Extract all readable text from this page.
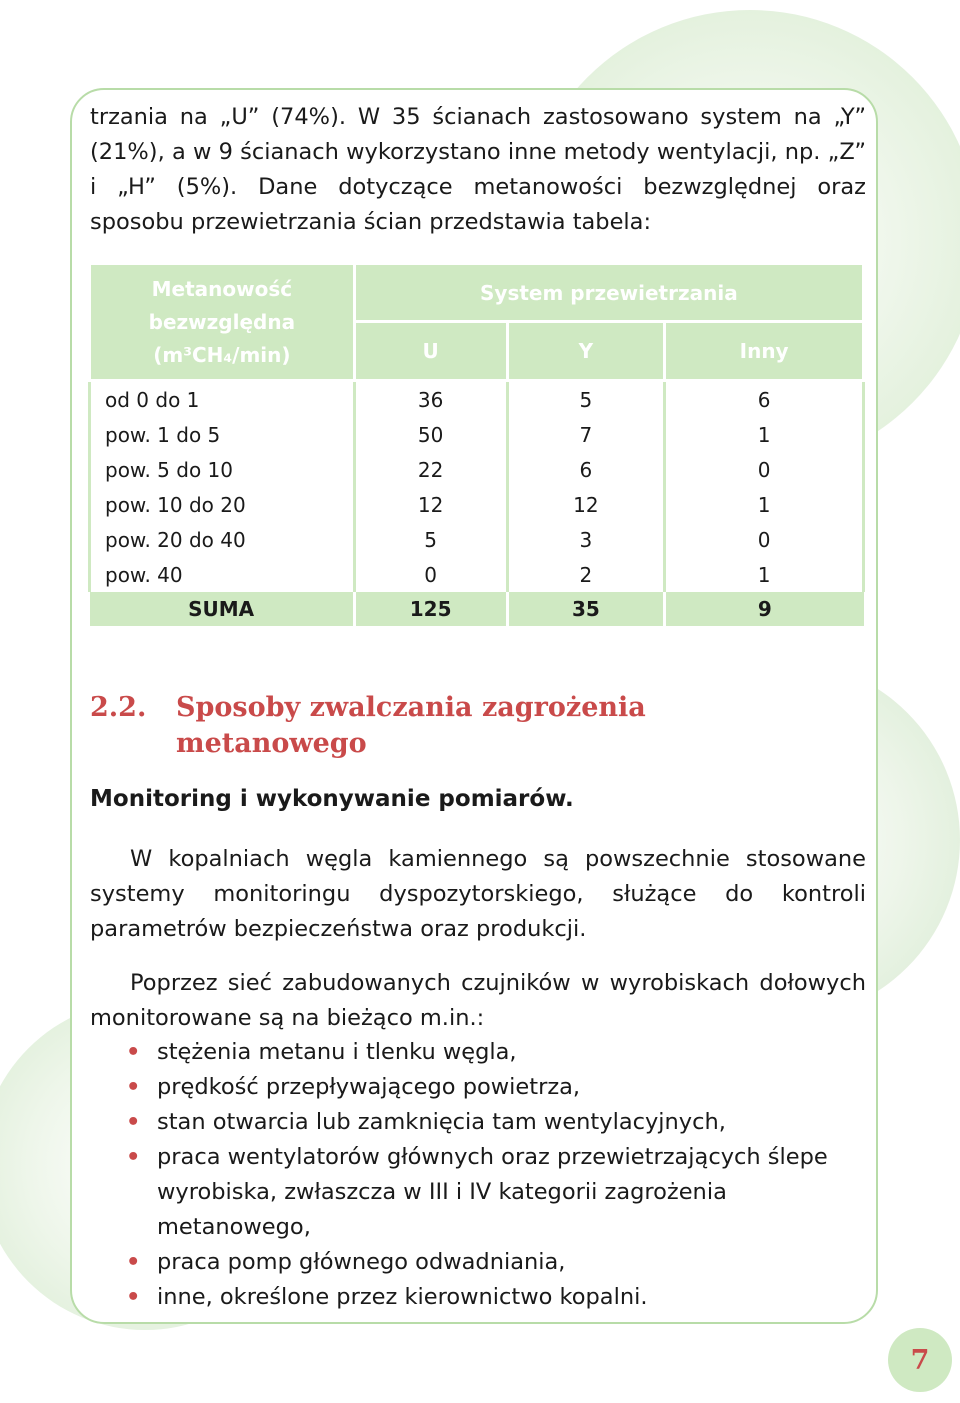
trzania na „U” (74%). W 35 ścianach zastosowano system na „Y” (21%), a w 9 ścianach wykorzystano inne metody wentylacji, np. „Z” i „H” (5%). Dane dotyczące metanowości bezwzględnej oraz sposobu przewietrzania ścian przedstawia tabela:

Metanowość
bezwzględna
(m³CH₄/min)	System przewietrzania		
	U	Y	Inny
od 0 do 1	36	5	6
pow. 1 do 5	50	7	1
pow. 5 do 10	22	6	0
pow. 10 do 20	12	12	1
pow. 20 do 40	5	3	0
pow. 40	0	2	1
SUMA	125	35	9
2.2. Sposoby zwalczania zagrożenia
metanowego

Monitoring i wykonywanie pomiarów.

W kopalniach węgla kamiennego są powszechnie stosowane systemy monitoringu dyspozytorskiego, służące do kontroli parametrów bezpieczeństwa oraz produkcji.

Poprzez sieć zabudowanych czujników w wyrobiskach dołowych monitorowane są na bieżąco m.in.:

• stężenia metanu i tlenku węgla,
• prędkość przepływającego powietrza,
• stan otwarcia lub zamknięcia tam wentylacyjnych,
• praca wentylatorów głównych oraz przewietrzających ślepe wyrobiska, zwłaszcza w III i IV kategorii zagrożenia metanowego,
• praca pomp głównego odwadniania,
• inne, określone przez kierownictwo kopalni.
7
